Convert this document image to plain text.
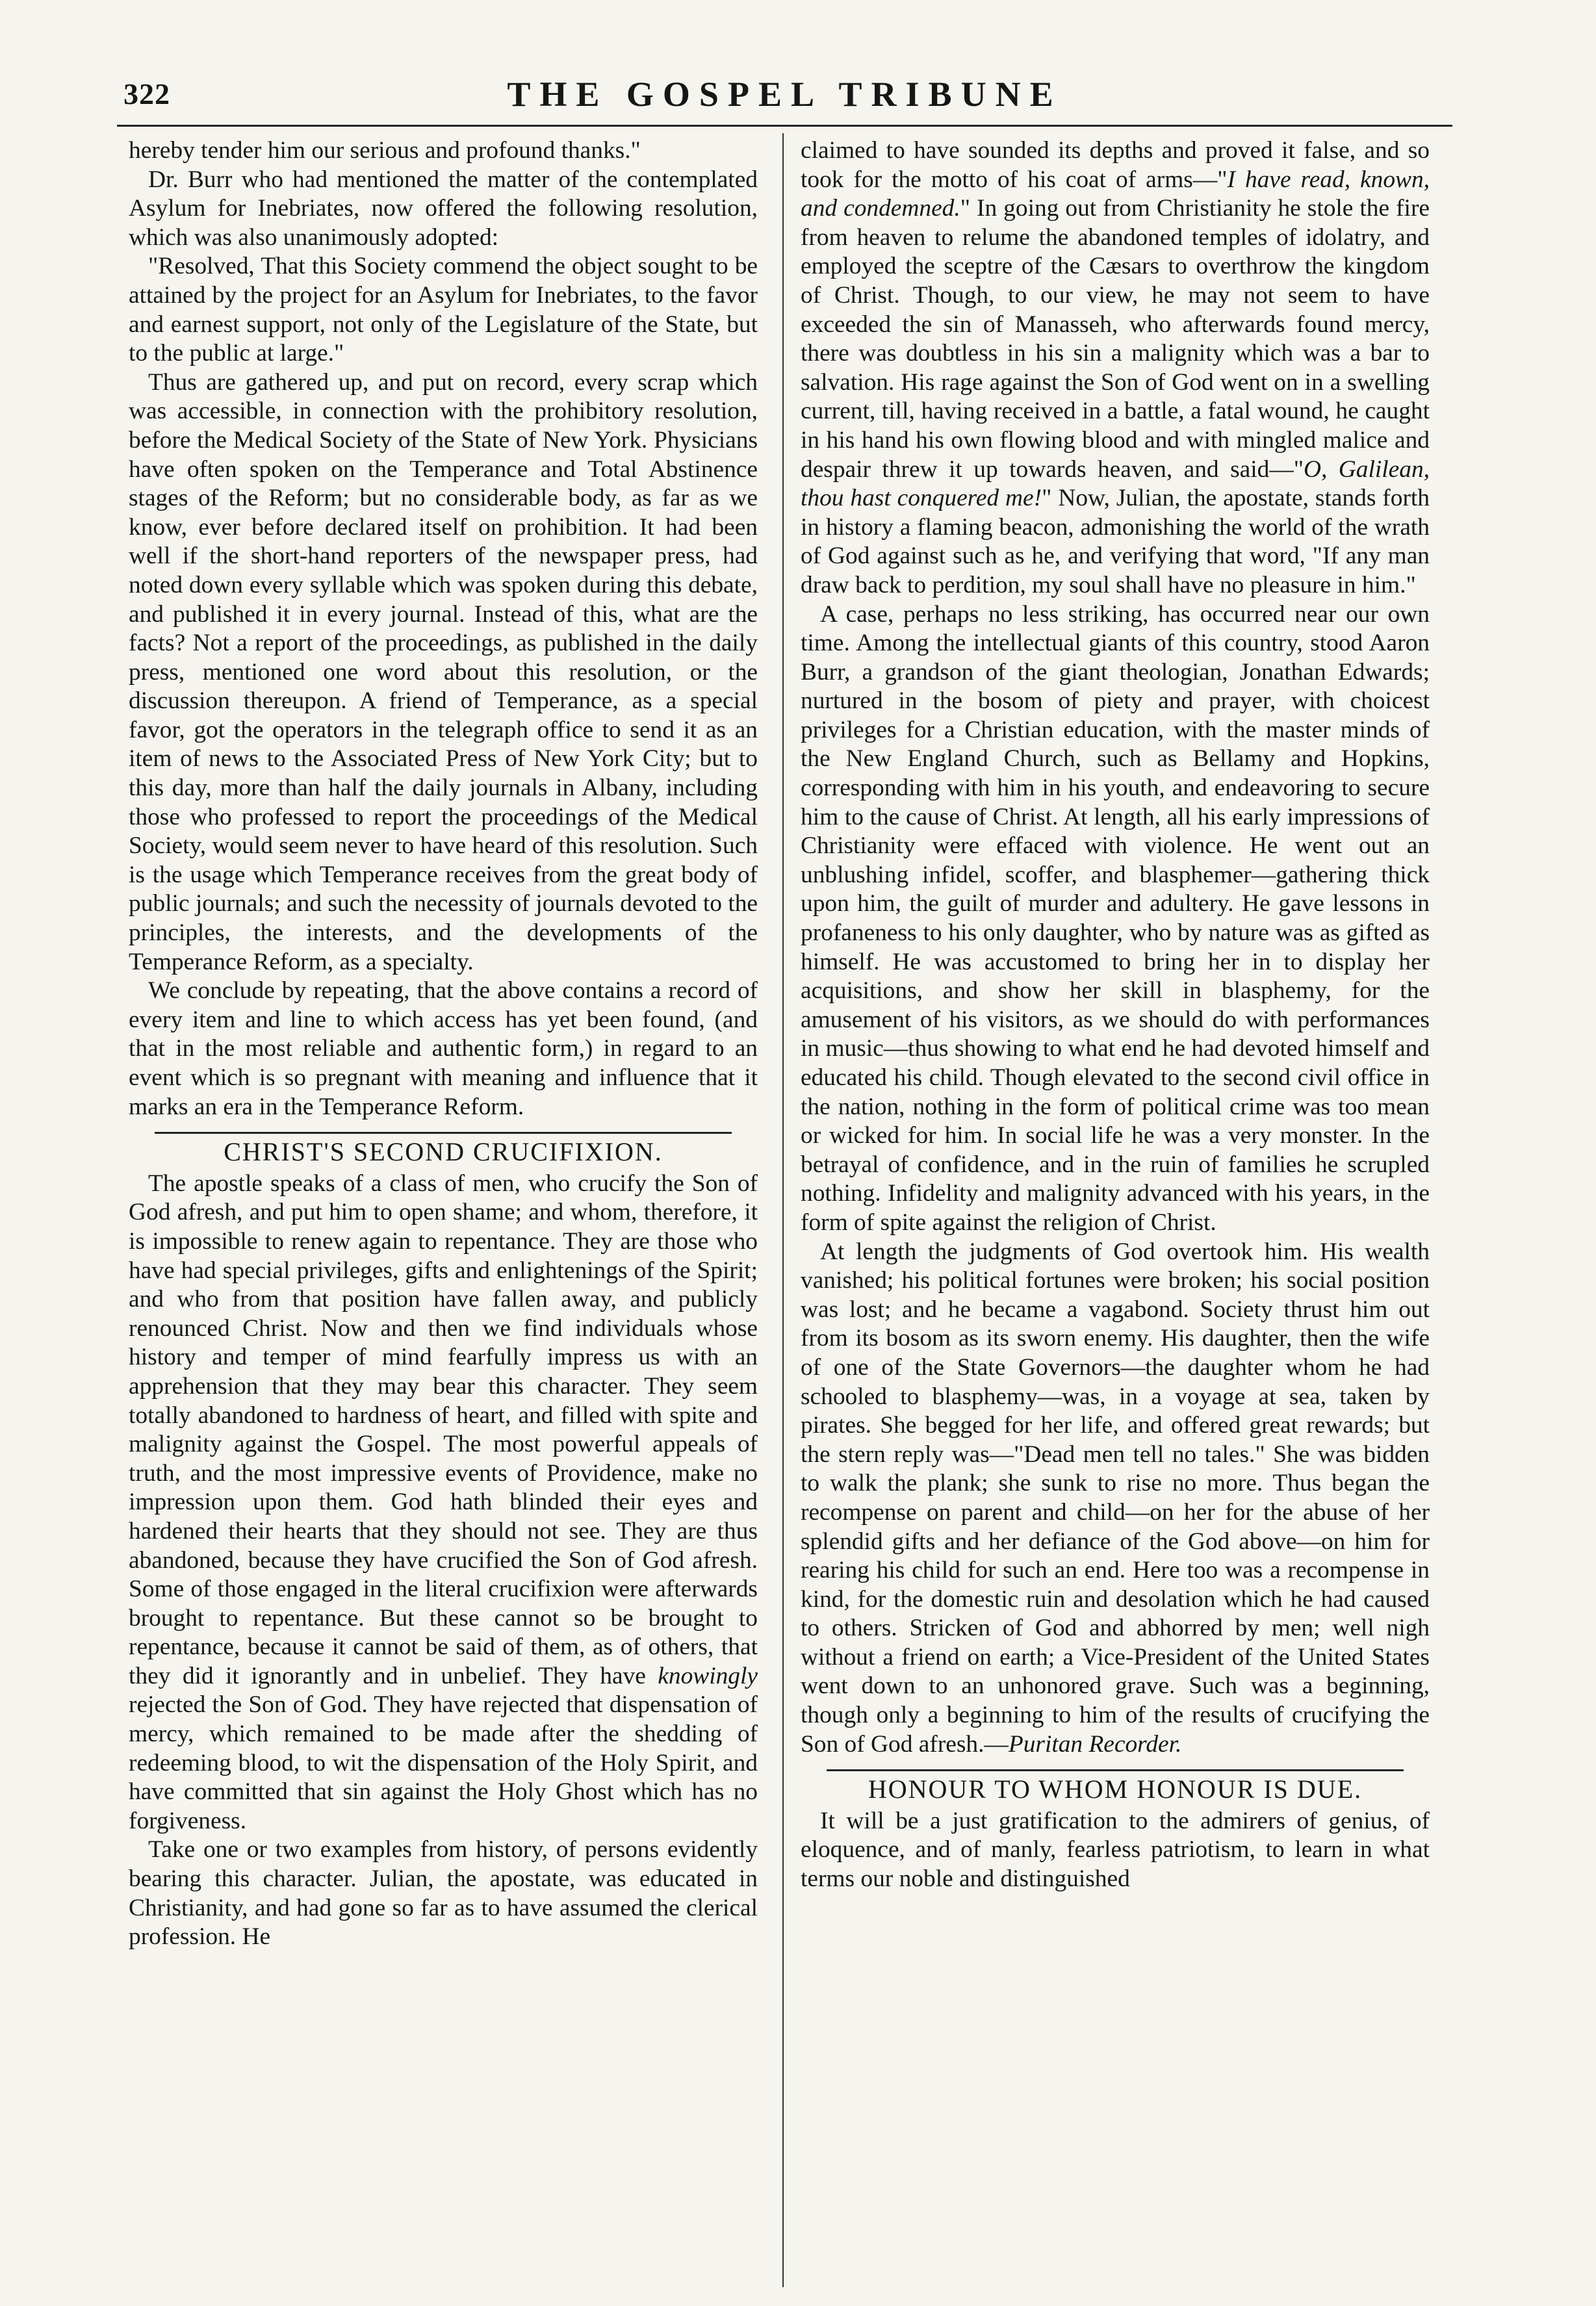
322	THE GOSPEL TRIBUNE

hereby tender him our serious and profound thanks."

Dr. Burr who had mentioned the matter of the contemplated Asylum for Inebriates, now offered the following resolution, which was also unanimously adopted:

"Resolved, That this Society commend the object sought to be attained by the project for an Asylum for Inebriates, to the favor and earnest support, not only of the Legislature of the State, but to the public at large."

Thus are gathered up, and put on record, every scrap which was accessible, in connection with the prohibitory resolution, before the Medical Society of the State of New York. Physicians have often spoken on the Temperance and Total Abstinence stages of the Reform; but no considerable body, as far as we know, ever before declared itself on prohibition. It had been well if the short-hand reporters of the newspaper press, had noted down every syllable which was spoken during this debate, and published it in every journal. Instead of this, what are the facts? Not a report of the proceedings, as published in the daily press, mentioned one word about this resolution, or the discussion thereupon. A friend of Temperance, as a special favor, got the operators in the telegraph office to send it as an item of news to the Associated Press of New York City; but to this day, more than half the daily journals in Albany, including those who professed to report the proceedings of the Medical Society, would seem never to have heard of this resolution. Such is the usage which Temperance receives from the great body of public journals; and such the necessity of journals devoted to the principles, the interests, and the developments of the Temperance Reform, as a specialty.

We conclude by repeating, that the above contains a record of every item and line to which access has yet been found, (and that in the most reliable and authentic form,) in regard to an event which is so pregnant with meaning and influence that it marks an era in the Temperance Reform.

CHRIST'S SECOND CRUCIFIXION.

The apostle speaks of a class of men, who crucify the Son of God afresh, and put him to open shame; and whom, therefore, it is impossible to renew again to repentance. They are those who have had special privileges, gifts and enlightenings of the Spirit; and who from that position have fallen away, and publicly renounced Christ. Now and then we find individuals whose history and temper of mind fearfully impress us with an apprehension that they may bear this character. They seem totally abandoned to hardness of heart, and filled with spite and malignity against the Gospel. The most powerful appeals of truth, and the most impressive events of Providence, make no impression upon them. God hath blinded their eyes and hardened their hearts that they should not see. They are thus abandoned, because they have crucified the Son of God afresh. Some of those engaged in the literal crucifixion were afterwards brought to repentance. But these cannot so be brought to repentance, because it cannot be said of them, as of others, that they did it ignorantly and in unbelief. They have knowingly rejected the Son of God. They have rejected that dispensation of mercy, which remained to be made after the shedding of redeeming blood, to wit the dispensation of the Holy Spirit, and have committed that sin against the Holy Ghost which has no forgiveness.

Take one or two examples from history, of persons evidently bearing this character. Julian, the apostate, was educated in Christianity, and had gone so far as to have assumed the clerical profession. He

claimed to have sounded its depths and proved it false, and so took for the motto of his coat of arms—"I have read, known, and condemned." In going out from Christianity he stole the fire from heaven to relume the abandoned temples of idolatry, and employed the sceptre of the Cæsars to overthrow the kingdom of Christ. Though, to our view, he may not seem to have exceeded the sin of Manasseh, who afterwards found mercy, there was doubtless in his sin a malignity which was a bar to salvation. His rage against the Son of God went on in a swelling current, till, having received in a battle, a fatal wound, he caught in his hand his own flowing blood and with mingled malice and despair threw it up towards heaven, and said—"O, Galilean, thou hast conquered me!" Now, Julian, the apostate, stands forth in history a flaming beacon, admonishing the world of the wrath of God against such as he, and verifying that word, "If any man draw back to perdition, my soul shall have no pleasure in him."

A case, perhaps no less striking, has occurred near our own time. Among the intellectual giants of this country, stood Aaron Burr, a grandson of the giant theologian, Jonathan Edwards; nurtured in the bosom of piety and prayer, with choicest privileges for a Christian education, with the master minds of the New England Church, such as Bellamy and Hopkins, corresponding with him in his youth, and endeavoring to secure him to the cause of Christ. At length, all his early impressions of Christianity were effaced with violence. He went out an unblushing infidel, scoffer, and blasphemer—gathering thick upon him, the guilt of murder and adultery. He gave lessons in profaneness to his only daughter, who by nature was as gifted as himself. He was accustomed to bring her in to display her acquisitions, and show her skill in blasphemy, for the amusement of his visitors, as we should do with performances in music—thus showing to what end he had devoted himself and educated his child. Though elevated to the second civil office in the nation, nothing in the form of political crime was too mean or wicked for him. In social life he was a very monster. In the betrayal of confidence, and in the ruin of families he scrupled nothing. Infidelity and malignity advanced with his years, in the form of spite against the religion of Christ.

At length the judgments of God overtook him. His wealth vanished; his political fortunes were broken; his social position was lost; and he became a vagabond. Society thrust him out from its bosom as its sworn enemy. His daughter, then the wife of one of the State Governors—the daughter whom he had schooled to blasphemy—was, in a voyage at sea, taken by pirates. She begged for her life, and offered great rewards; but the stern reply was—"Dead men tell no tales." She was bidden to walk the plank; she sunk to rise no more. Thus began the recompense on parent and child—on her for the abuse of her splendid gifts and her defiance of the God above—on him for rearing his child for such an end. Here too was a recompense in kind, for the domestic ruin and desolation which he had caused to others. Stricken of God and abhorred by men; well nigh without a friend on earth; a Vice-President of the United States went down to an unhonored grave. Such was a beginning, though only a beginning to him of the results of crucifying the Son of God afresh.—Puritan Recorder.

HONOUR TO WHOM HONOUR IS DUE.

It will be a just gratification to the admirers of genius, of eloquence, and of manly, fearless patriotism, to learn in what terms our noble and distinguished
